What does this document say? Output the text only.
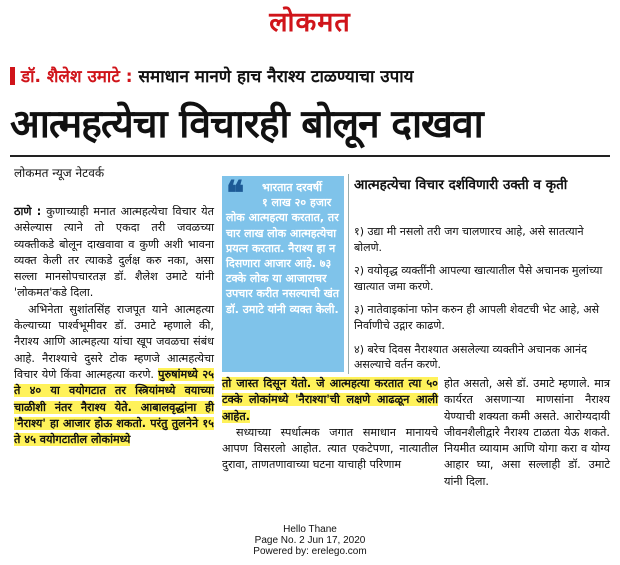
लोकमत
डॉ. शैलेश उमाटे : समाधान मानणे हाच नैराश्य टाळण्याचा उपाय
आत्महत्येचा विचारही बोलून दाखवा
लोकमत न्यूज नेटवर्क

ठाणे : कुणाच्याही मनात आत्महत्येचा विचार येत असेल्यास त्याने तो एकदा तरी जवळच्या व्यक्तीकडे बोलून दाखवावा व कुणी अशी भावना व्यक्त केली तर त्याकडे दुर्लक्ष करु नका, असा सल्ला मानसोपचारतज्ञ डॉ. शैलेश उमाटे यांनी 'लोकमत'कडे दिला.

अभिनेता सुशांतसिंह राजपूत याने आत्महत्या केल्याच्या पार्श्वभूमीवर डॉ. उमाटे म्हणाले की, नैराश्य आणि आत्महत्या यांचा खूप जवळचा संबंध आहे. नैराश्याचे दुसरे टोक म्हणजे आत्महत्येचा विचार येणे किंवा आत्महत्या करणे. पुरुषांमध्ये २५ ते ४० या वयोगटात तर स्त्रियांमध्ये वयाच्या चाळीशी नंतर नैराश्य येते. आबालवृद्धांना ही 'नैराश्य' हा आजार होऊ शकतो. परंतु तुलनेने १५ ते ४५ वयोगटातील लोकांमध्ये

❝	भारतात दरवर्षी
१ लाख २० हजार
लोक आत्महत्या करतात, तर चार लाख लोक आत्महत्येचा प्रयत्न करतात. नैराश्य हा न दिसणारा आजार आहे. ७३ टक्के लोक या आजाराचर उपचार करीत नसल्याची खंत डॉ. उमाटे यांनी व्यक्त केली.
आत्महत्येचा विचार दर्शविणारी उक्ती व कृती
१) उद्या मी नसलो तरी जग चालणारच आहे, असे सातत्याने बोलणे.
२) वयोवृद्ध व्यक्तींनी आपल्या खात्यातील पैसे अचानक मुलांच्या खात्यात जमा करणे.
३) नातेवाइकांना फोन करुन ही आपली शेवटची भेट आहे, असे निर्वाणीचे उद्गार काढणे.
४) बरेच दिवस नैराश्यात असलेल्या व्यक्तीने अचानक आनंद असल्याचे वर्तन करणे.
तो जास्त दिसून येतो. जे आत्महत्या करतात त्या ५० टक्के लोकांमध्ये 'नैराश्या'ची लक्षणे आढळून आली आहेत.
सध्याच्या स्पर्धात्मक जगात समाधान मानायचे आपण विसरलो आहोत. त्यात एकटेपणा, नात्यातील दुरावा, ताणतणावाच्या घटना याचाही परिणाम
होत असतो, असे डॉ. उमाटे म्हणाले. मात्र कार्यरत असणाऱ्या माणसांना नैराश्य येण्याची शक्यता कमी असते. आरोग्यदायी जीवनशैलीद्वारे नैराश्य टाळता येऊ शकते. नियमीत व्यायाम आणि योगा करा व योग्य आहार घ्या, असा सल्लाही डॉ. उमाटे यांनी दिला.
Hello Thane
Page No. 2 Jun 17, 2020
Powered by: erelego.com
